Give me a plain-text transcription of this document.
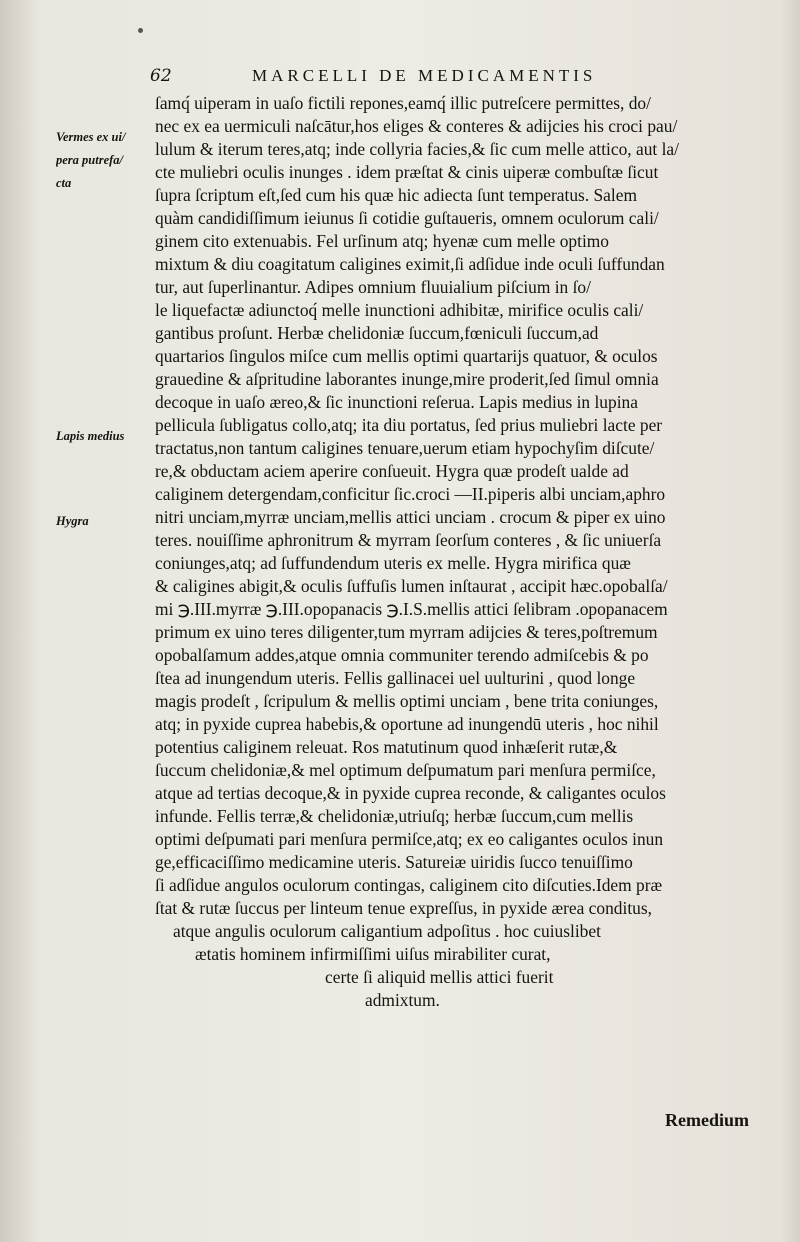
62	MARCELLI DE MEDICAMENTIS
Vermes ex ui/
pera putrefa/
cta
Lapis medius
Hygra
ſamq́ uiperam in uaſo fictili repones,eamq́ illic putreſcere permittes, do/
nec ex ea uermiculi naſcātur,hos eliges & conteres & adijcies his croci pau/
lulum & iterum teres,atq; inde collyria facies,& ſic cum melle attico, aut la/
cte muliebri oculis inunges . idem præſtat & cinis uiperæ combuſtæ ſicut
ſupra ſcriptum eſt,ſed cum his quæ hic adiecta ſunt temperatus. Salem
quàm candidiſſimum ieiunus ſi cotidie guſtaueris, omnem oculorum cali/
ginem cito extenuabis. Fel urſinum atq; hyenæ cum melle optimo
mixtum & diu coagitatum caligines eximit,ſi adſidue inde oculi ſuffundan
tur, aut ſuperlinantur. Adipes omnium fluuialium piſcium in ſo/
le liquefactæ adiunctoq́ melle inunctioni adhibitæ, mirifice oculis cali/
gantibus proſunt. Herbæ chelidoniæ ſuccum,fœniculi ſuccum,ad
quartarios ſingulos miſce cum mellis optimi quartarijs quatuor, & oculos
grauedine & aſpritudine laborantes inunge,mire proderit,ſed ſimul omnia
decoque in uaſo æreo,& ſic inunctioni reſerua. Lapis medius in lupina
pellicula ſubligatus collo,atq; ita diu portatus, ſed prius muliebri lacte per
tractatus,non tantum caligines tenuare,uerum etiam hypochyſim diſcute/
re,& obductam aciem aperire conſueuit. Hygra quæ prodeſt ualde ad
caliginem detergendam,conficitur ſic.croci —II.piperis albi unciam,aphro
nitri unciam,myrræ unciam,mellis attici unciam . crocum & piper ex uino
teres. nouiſſime aphronitrum & myrram ſeorſum conteres , & ſic uniuerſa
coniunges,atq; ad ſuffundendum uteris ex melle. Hygra mirifica quæ
& caligines abigit,& oculis ſuffuſis lumen inſtaurat , accipit hæc.opobalſa/
mi ℈.III.myrræ ℈.III.opopanacis ℈.I.S.mellis attici ſelibram .opopanacem
primum ex uino teres diligenter,tum myrram adijcies & teres,poſtremum
opobalſamum addes,atque omnia communiter terendo admiſcebis & po
ſtea ad inungendum uteris. Fellis gallinacei uel uulturini , quod longe
magis prodeſt , ſcripulum & mellis optimi unciam , bene trita coniunges,
atq; in pyxide cuprea habebis,& oportune ad inungendū uteris , hoc nihil
potentius caliginem releuat. Ros matutinum quod inhæſerit rutæ,&
ſuccum chelidoniæ,& mel optimum deſpumatum pari menſura permiſce,
atque ad tertias decoque,& in pyxide cuprea reconde, & caligantes oculos
infunde. Fellis terræ,& chelidoniæ,utriuſq; herbæ ſuccum,cum mellis
optimi deſpumati pari menſura permiſce,atq; ex eo caligantes oculos inun
ge,efficaciſſimo medicamine uteris. Satureiæ uiridis ſucco tenuiſſimo
ſi adſidue angulos oculorum contingas, caliginem cito diſcuties.Idem præ
ſtat & rutæ ſuccus per linteum tenue expreſſus, in pyxide ærea conditus,
atque angulis oculorum caligantium adpoſitus . hoc cuiuslibet
ætatis hominem infirmiſſimi uiſus mirabiliter curat,
certe ſi aliquid mellis attici fuerit
admixtum.
Remedium
